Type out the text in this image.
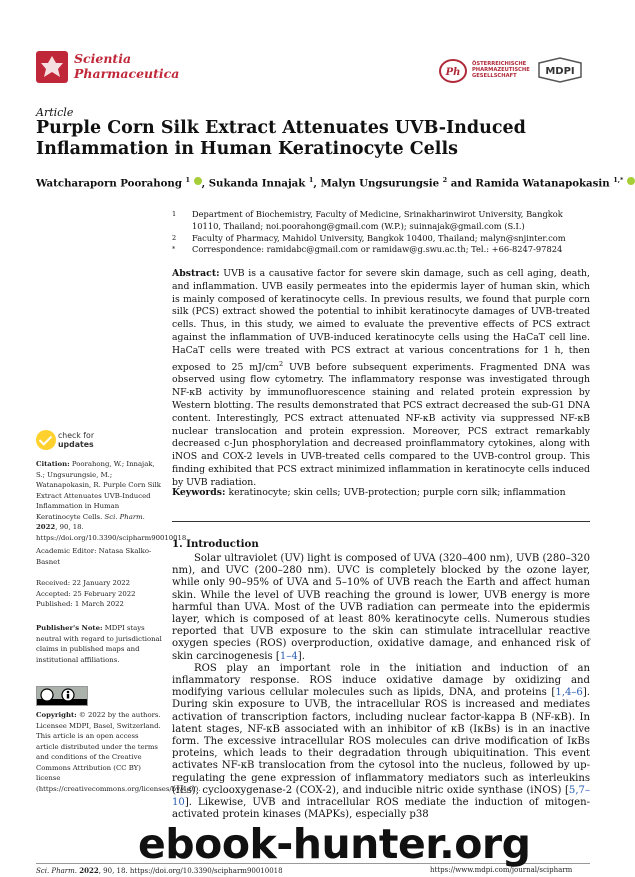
Scientia
Pharmaceutica	Ph
ÖSTERREICHISCHE
PHARMAZEUTISCHE
GESELLSCHAFT	MDPI
Article
Purple Corn Silk Extract Attenuates UVB-Induced Inflammation in Human Keratinocyte Cells
Watcharaporn Poorahong $^1$ , Sukanda Innajak $^1$, Malyn Ungsurungsie $^2$ and Ramida Watanapokasin $^{1,*}$
1 Department of Biochemistry, Faculty of Medicine, Srinakharinwirot University, Bangkok 10110, Thailand; noi.poorahong@gmail.com (W.P.); suinnajak@gmail.com (S.I.)
2 Faculty of Pharmacy, Mahidol University, Bangkok 10400, Thailand; malyn@snjinter.com
* Correspondence: ramidabc@gmail.com or ramidaw@g.swu.ac.th; Tel.: +66-8247-97824

Abstract: UVB is a causative factor for severe skin damage, such as cell aging, death, and inflammation. UVB easily permeates into the epidermis layer of human skin, which is mainly composed of keratinocyte cells. In previous results, we found that purple corn silk (PCS) extract showed the potential to inhibit keratinocyte damages of UVB-treated cells. Thus, in this study, we aimed to evaluate the preventive effects of PCS extract against the inflammation of UVB-induced keratinocyte cells using the HaCaT cell line. HaCaT cells were treated with PCS extract at various concentrations for 1 h, then exposed to 25 $mJ/cm^2$ UVB before subsequent experiments. Fragmented DNA was observed using flow cytometry. The inflammatory response was investigated through NF-κB activity by immunofluorescence staining and related protein expression by Western blotting. The results demonstrated that PCS extract decreased the sub-G1 DNA content. Interestingly, PCS extract attenuated NF-κB activity via suppressed NF-κB nuclear translocation and protein expression. Moreover, PCS extract remarkably decreased c-Jun phosphorylation and decreased proinflammatory cytokines, along with iNOS and COX-2 levels in UVB-treated cells compared to the UVB-control group. This finding exhibited that PCS extract minimized inflammation in keratinocyte cells induced by UVB radiation.

Keywords: keratinocyte; skin cells; UVB-protection; purple corn silk; inflammation
1. Introduction

Solar ultraviolet (UV) light is composed of UVA (320–400 nm), UVB (280–320 nm), and UVC (200–280 nm). UVC is completely blocked by the ozone layer, while only 90–95% of UVA and 5–10% of UVB reach the Earth and affect human skin. While the level of UVB reaching the ground is lower, UVB energy is more harmful than UVA. Most of the UVB radiation can permeate into the epidermis layer, which is composed of at least 80% keratinocyte cells. Numerous studies reported that UVB exposure to the skin can stimulate intracellular reactive oxygen species (ROS) overproduction, oxidative damage, and enhanced risk of skin carcinogenesis [1–4].

ROS play an important role in the initiation and induction of an inflammatory response. ROS induce oxidative damage by oxidizing and modifying various cellular molecules such as lipids, DNA, and proteins [1,4–6]. During skin exposure to UVB, the intracellular ROS is increased and mediates activation of transcription factors, including nuclear factor-kappa B (NF-κB). In latent stages, NF-κB associated with an inhibitor of κB (IκBs) is in an inactive form. The excessive intracellular ROS molecules can drive modification of IκBs proteins, which leads to their degradation through ubiquitination. This event activates NF-κB translocation from the cytosol into the nucleus, followed by up-regulating the gene expression of inflammatory mediators such as interleukins (ILs), cyclooxygenase-2 (COX-2), and inducible nitric oxide synthase (iNOS) [5,7–10]. Likewise, UVB and intracellular ROS mediate the induction of mitogen-activated protein kinases (MAPKs), especially p38

check for
updates
Citation: Poorahong, W.; Innajak, S.; Ungsurungsie, M.; Watanapokasin, R. Purple Corn Silk Extract Attenuates UVB-Induced Inflammation in Human Keratinocyte Cells. Sci. Pharm. 2022, 90, 18. https://doi.org/10.3390/scipharm90010018
Academic Editor: Natasa Skalko-Basnet
Received: 22 January 2022
Accepted: 25 February 2022
Published: 1 March 2022
Publisher's Note: MDPI stays neutral with regard to jurisdictional claims in published maps and institutional affiliations.
Copyright: © 2022 by the authors. Licensee MDPI, Basel, Switzerland. This article is an open access article distributed under the terms and conditions of the Creative Commons Attribution (CC BY) license (https://creativecommons.org/licenses/by/4.0/).
Sci. Pharm. 2022, 90, 18. https://doi.org/10.3390/scipharm90010018	https://www.mdpi.com/journal/scipharm
ebook-hunter.org
